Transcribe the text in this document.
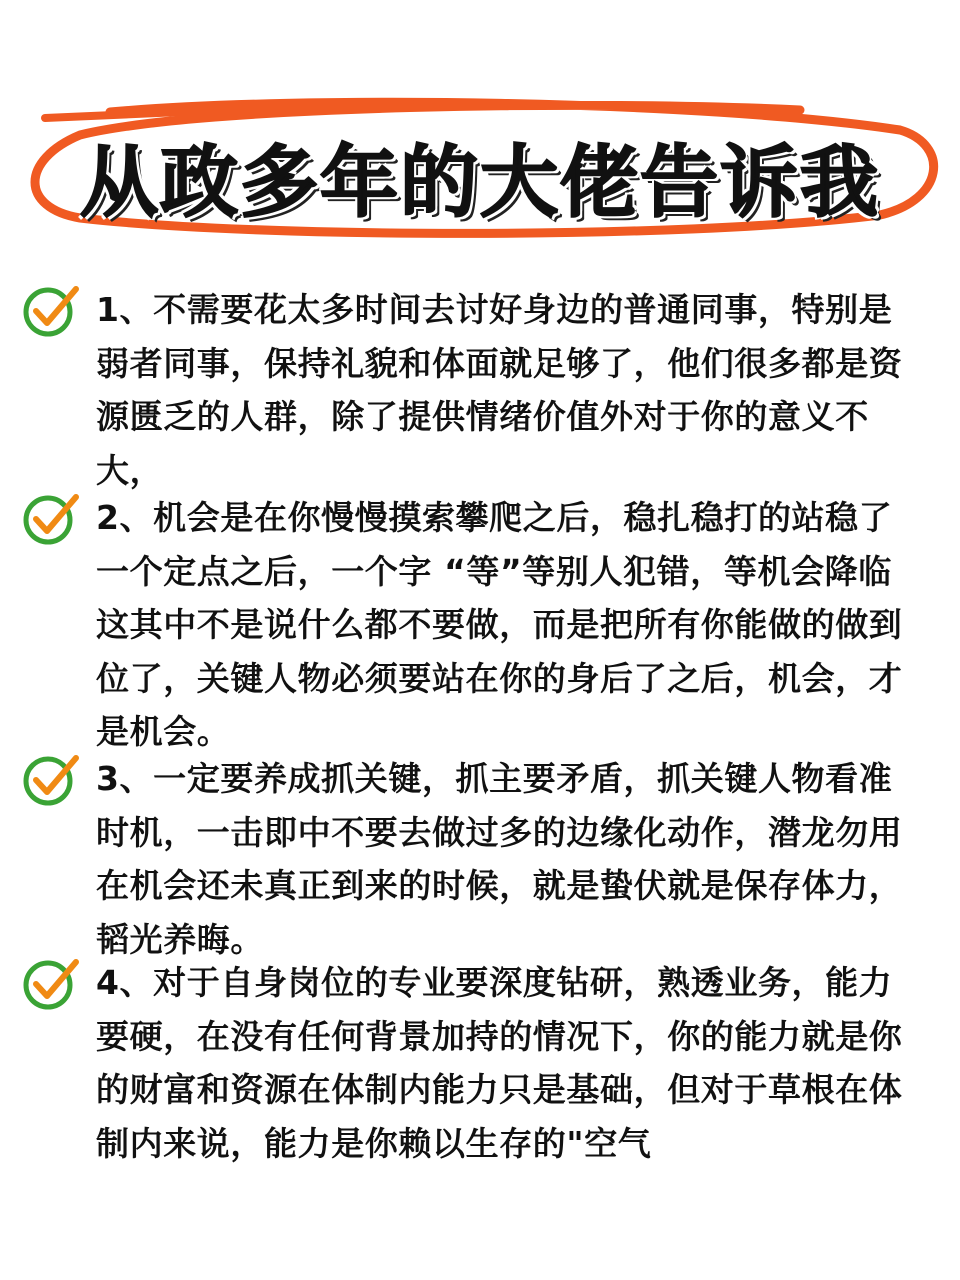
从政多年的大佬告诉我
1、不需要花太多时间去讨好身边的普通同事，特别是弱者同事，保持礼貌和体面就足够了，他们很多都是资源匮乏的人群，除了提供情绪价值外对于你的意义不大，
2、机会是在你慢慢摸索攀爬之后，稳扎稳打的站稳了一个定点之后，一个字 “等”等别人犯错，等机会降临这其中不是说什么都不要做，而是把所有你能做的做到位了，关键人物必须要站在你的身后了之后，机会，才是机会。
3、一定要养成抓关键，抓主要矛盾，抓关键人物看准时机，一击即中不要去做过多的边缘化动作，潜龙勿用在机会还未真正到来的时候，就是蛰伏就是保存体力，韬光养晦。
4、对于自身岗位的专业要深度钻研，熟透业务，能力要硬，在没有任何背景加持的情况下，你的能力就是你的财富和资源在体制内能力只是基础，但对于草根在体制内来说，能力是你赖以生存的"空气
